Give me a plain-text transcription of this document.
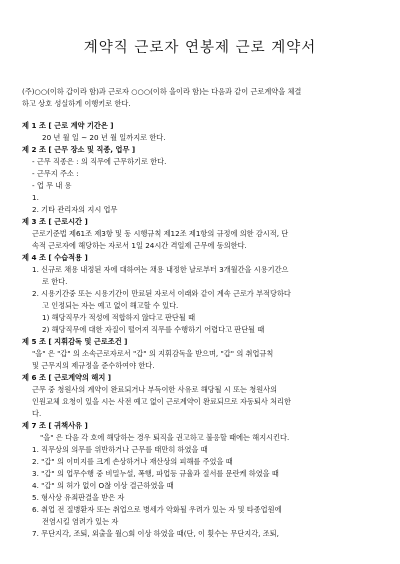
계약직 근로자 연봉제 근로 계약서
(주)○○(이하 갑이라 함)과 근로자 ○○○(이하 을이라 함)는 다음과 같이 근로계약을 체결
하고 상호 성실하게 이행키로 한다.
제 1 조 [ 근로 계약 기간은 ]
20 년 월 일 ~ 20 년 월 일까지로 한다.
제 2 조 [ 근무 장소 및 직종, 업무 ]
- 근무 직종은 : 의 직무에 근무하기로 한다.
- 근무지 주소 :
- 업 무 내 용
1.
2. 기타 관리자의 지시 업무
제 3 조 [ 근로시간 ]
근로기준법 제61조 제3항 및 동 시행규칙 제12조 제1항의 규정에 의한 감시적, 단
속적 근로자에 해당하는 자로서 1일 24시간 격일제 근무에 동의한다.
제 4 조 [ 수습적용 ]
1. 신규로 채용 내정된 자에 대하여는 채용 내정한 날로부터 3개월간을 시용기간으
로 한다.
2. 시용기간중 또는 시용기간이 만료된 자로서 이래와 같이 계속 근로가 부적당하다
고 인정되는 자는 예고 없이 해고할 수 있다.
1) 해당직무가 적성에 적합하지 않다고 판단될 때
2) 해당직무에 대한 자질이 떨어져 직무를 수행하기 어렵다고 판단될 때
제 5 조 [ 지휘감독 및 근로조건 ]
"을" 은 "갑" 의 소속근로자로서 "갑" 의 지휘감독을 받으며, "갑" 의 취업규칙
및 근무지의 제규정을 준수하여야 한다.
제 6 조 [ 근로계약의 해지 ]
근무 중 청원사의 계약이 완료되거나 부득이한 사유로 해당될 시 또는 청원사의
인원교체 요청이 있을 시는 사전 예고 없이 근로계약이 완료되므로 자동퇴사 처리한
다.
제 7 조 [ 귀책사유 ]
"을" 은 다음 각 호에 해당하는 경우 퇴직을 권고하고 불응할 때에는 해지시킨다.
1. 직무상의 의무를 위반하거나 근무를 태만히 하였을 때
2. "갑" 의 이미지를 크게 손상하거나 재산상의 피해를 주었을 때
3. "갑" 의 업무수행 중 비밀누설, 폭행, 파업등 규율과 질서를 문란케 하였을 때
4. "갑" 의 허가 없이 O찮 이상 결근하였을 때
5. 형사상 유죄판결을 받은 자
6. 취업 전 질병환자 또는 취업으로 병세가 악화될 우려가 있는 자 및 타종업원에
전염시킬 염려가 있는 자
7. 무단지각, 조퇴, 외출을 월○회 이상 하였을 때(단, 이 횟수는 무단지각, 조퇴,
